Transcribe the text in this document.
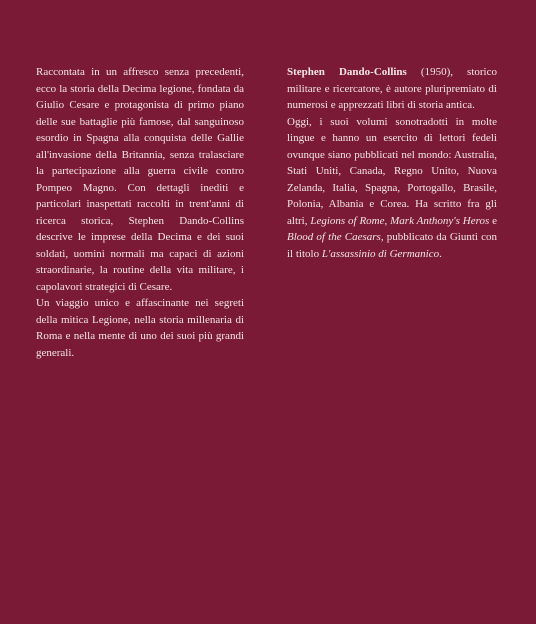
Raccontata in un affresco senza precedenti, ecco la storia della Decima legione, fondata da Giulio Cesare e protagonista di primo piano delle sue battaglie più famose, dal sanguinoso esordio in Spagna alla conquista delle Gallie all'invasione della Britannia, senza tralasciare la partecipazione alla guerra civile contro Pompeo Magno. Con dettagli inediti e particolari inaspettati raccolti in trent'anni di ricerca storica, Stephen Dando-Collins descrive le imprese della Decima e dei suoi soldati, uomini normali ma capaci di azioni straordinarie, la routine della vita militare, i capolavori strategici di Cesare.

Un viaggio unico e affascinante nei segreti della mitica Legione, nella storia millenaria di Roma e nella mente di uno dei suoi più grandi generali.

Stephen Dando-Collins (1950), storico militare e ricercatore, è autore pluripremiato di numerosi e apprezzati libri di storia antica.

Oggi, i suoi volumi sonotradotti in molte lingue e hanno un esercito di lettori fedeli ovunque siano pubblicati nel mondo: Australia, Stati Uniti, Canada, Regno Unito, Nuova Zelanda, Italia, Spagna, Portogallo, Brasile, Polonia, Albania e Corea. Ha scritto fra gli altri, Legions of Rome, Mark Anthony's Heros e Blood of the Caesars, pubblicato da Giunti con il titolo L'assassinio di Germanico.
